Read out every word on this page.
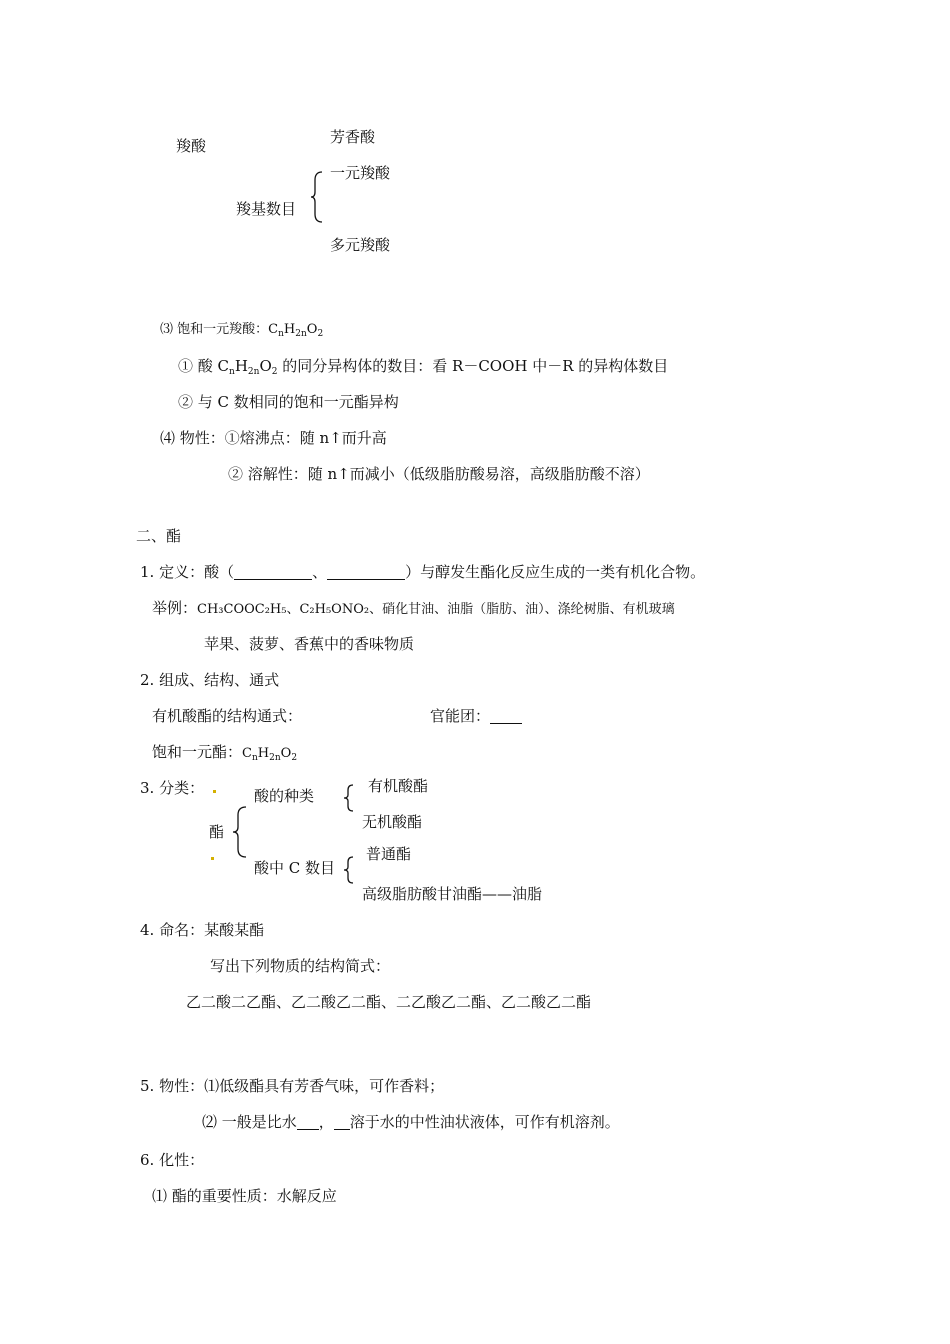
羧酸	芳香酸
羧基数目
一元羧酸
多元羧酸
⑶ 饱和一元羧酸：$C_nH_{2n}O_2$
① 酸 $C_nH_{2n}O_2$ 的同分异构体的数目：看 R－COOH 中－R 的异构体数目
② 与 C 数相同的饱和一元酯异构
⑷ 物性：①熔沸点：随 n↑而升高
② 溶解性：随 n↑而减小（低级脂肪酸易溶，高级脂肪酸不溶）
二、酯
1. 定义：酸（	、	）与醇发生酯化反应生成的一类有机化合物。
举例：CH₃COOC₂H₅、C₂H₅ONO₂、硝化甘油、油脂（脂肪、油）、涤纶树脂、有机玻璃
苹果、菠萝、香蕉中的香味物质
2. 组成、结构、通式
有机酸酯的结构通式：	官能团：
饱和一元酯：$C_nH_{2n}O_2$
3. 分类：	酸的种类
有机酸酯
无机酸酯
酯
酸中 C 数目
普通酯
高级脂肪酸甘油酯——油脂
4. 命名：某酸某酯
写出下列物质的结构简式：
乙二酸二乙酯、乙二酸乙二酯、二乙酸乙二酯、乙二酸乙二酯
5. 物性：⑴低级酯具有芳香气味，可作香料；
⑵ 一般是比水 ， 溶于水的中性油状液体，可作有机溶剂。
6. 化性：
⑴ 酯的重要性质：水解反应
